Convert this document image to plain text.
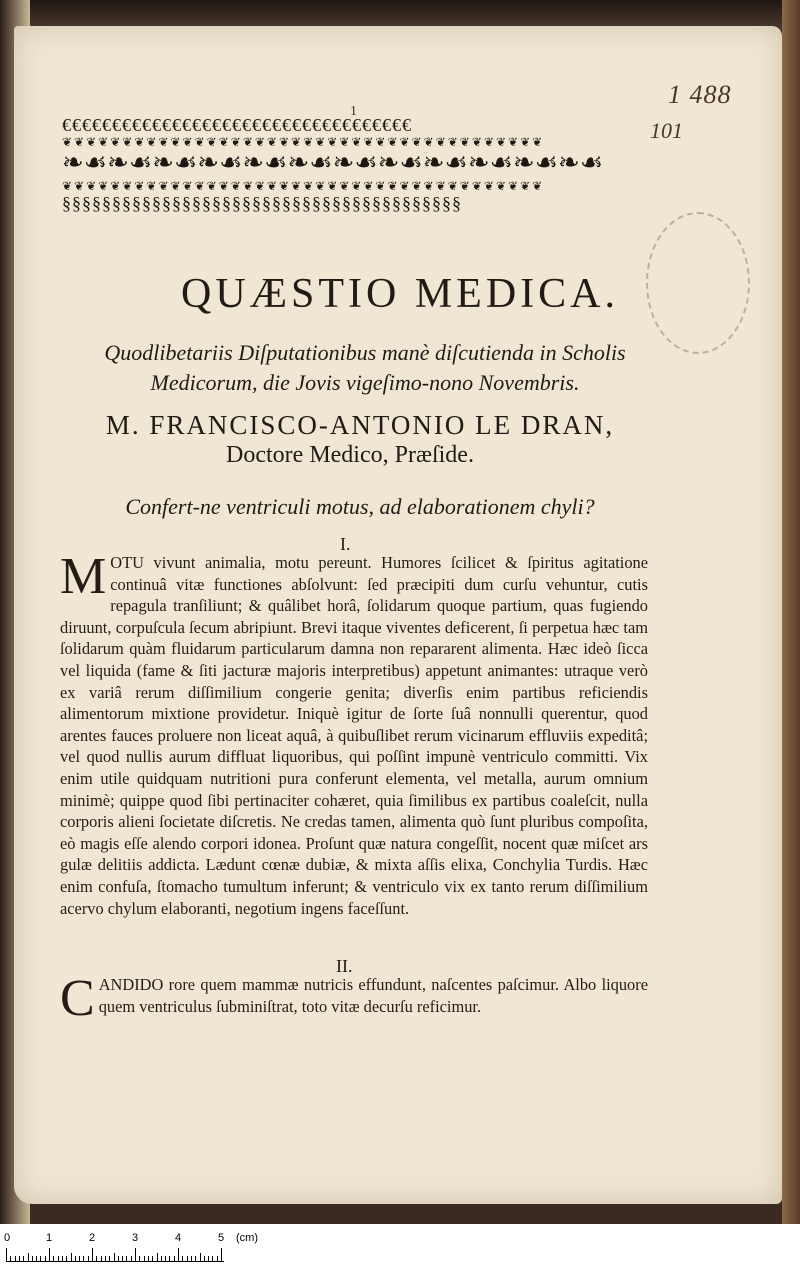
1 488
1
101
€€€€€€€€€€€€€€€€€€€€€€€€€€€€€€€€€€€
❦❦❦❦❦❦❦❦❦❦❦❦❦❦❦❦❦❦❦❦❦❦❦❦❦❦❦❦❦❦❦❦❦❦❦❦❦❦❦❦
❧☙❧☙❧☙❧☙❧☙❧☙❧☙❧☙❧☙❧☙❧☙❧☙
❦❦❦❦❦❦❦❦❦❦❦❦❦❦❦❦❦❦❦❦❦❦❦❦❦❦❦❦❦❦❦❦❦❦❦❦❦❦❦❦
§§§§§§§§§§§§§§§§§§§§§§§§§§§§§§§§§§§§§§§§
QUÆSTIO MEDICA.
Quodlibetariis Diſputationibus manè diſcutienda in Scholis Medicorum, die Jovis vigeſimo-nono Novembris.
M. FRANCISCO-ANTONIO LE DRAN,
Doctore Medico, Præſide.
Confert-ne ventriculi motus, ad elaborationem chyli?
I.
MOTU vivunt animalia, motu pereunt. Humores ſcilicet & ſpiritus agitatione continuâ vitæ functiones abſolvunt: ſed præcipiti dum curſu vehuntur, cutis repagula tranſiliunt; & quâlibet horâ, ſolidarum quoque partium, quas fugiendo diruunt, corpuſcula ſecum abripiunt. Brevi itaque viventes deficerent, ſi perpetua hæc tam ſolidarum quàm fluidarum particularum damna non repararent alimenta. Hæc ideò ſicca vel liquida (fame & ſiti jacturæ majoris interpretibus) appetunt animantes: utraque verò ex variâ rerum diſſimilium congerie genita; diverſis enim partibus reficiendis alimentorum mixtione providetur. Iniquè igitur de ſorte ſuâ nonnulli querentur, quod arentes fauces proluere non liceat aquâ, à quibuſlibet rerum vicinarum effluviis expeditâ; vel quod nullis aurum diffluat liquoribus, qui poſſint impunè ventriculo committi. Vix enim utile quidquam nutritioni pura conferunt elementa, vel metalla, aurum omnium minimè; quippe quod ſibi pertinaciter cohæret, quia ſimilibus ex partibus coaleſcit, nulla corporis alieni ſocietate diſcretis. Ne credas tamen, alimenta quò ſunt pluribus compoſita, eò magis eſſe alendo corpori idonea. Proſunt quæ natura congeſſit, nocent quæ miſcet ars gulæ delitiis addicta. Lædunt cœnæ dubiæ, & mixta aſſis elixa, Conchylia Turdis. Hæc enim confuſa, ſtomacho tumultum inferunt; & ventriculo vix ex tanto rerum diſſimilium acervo chylum elaboranti, negotium ingens faceſſunt.
II.
CANDIDO rore quem mammæ nutricis effundunt, naſcentes paſcimur. Albo liquore quem ventriculus ſubminiſtrat, toto vitæ decurſu reficimur.
0	1	2	3	4	5 (cm)
